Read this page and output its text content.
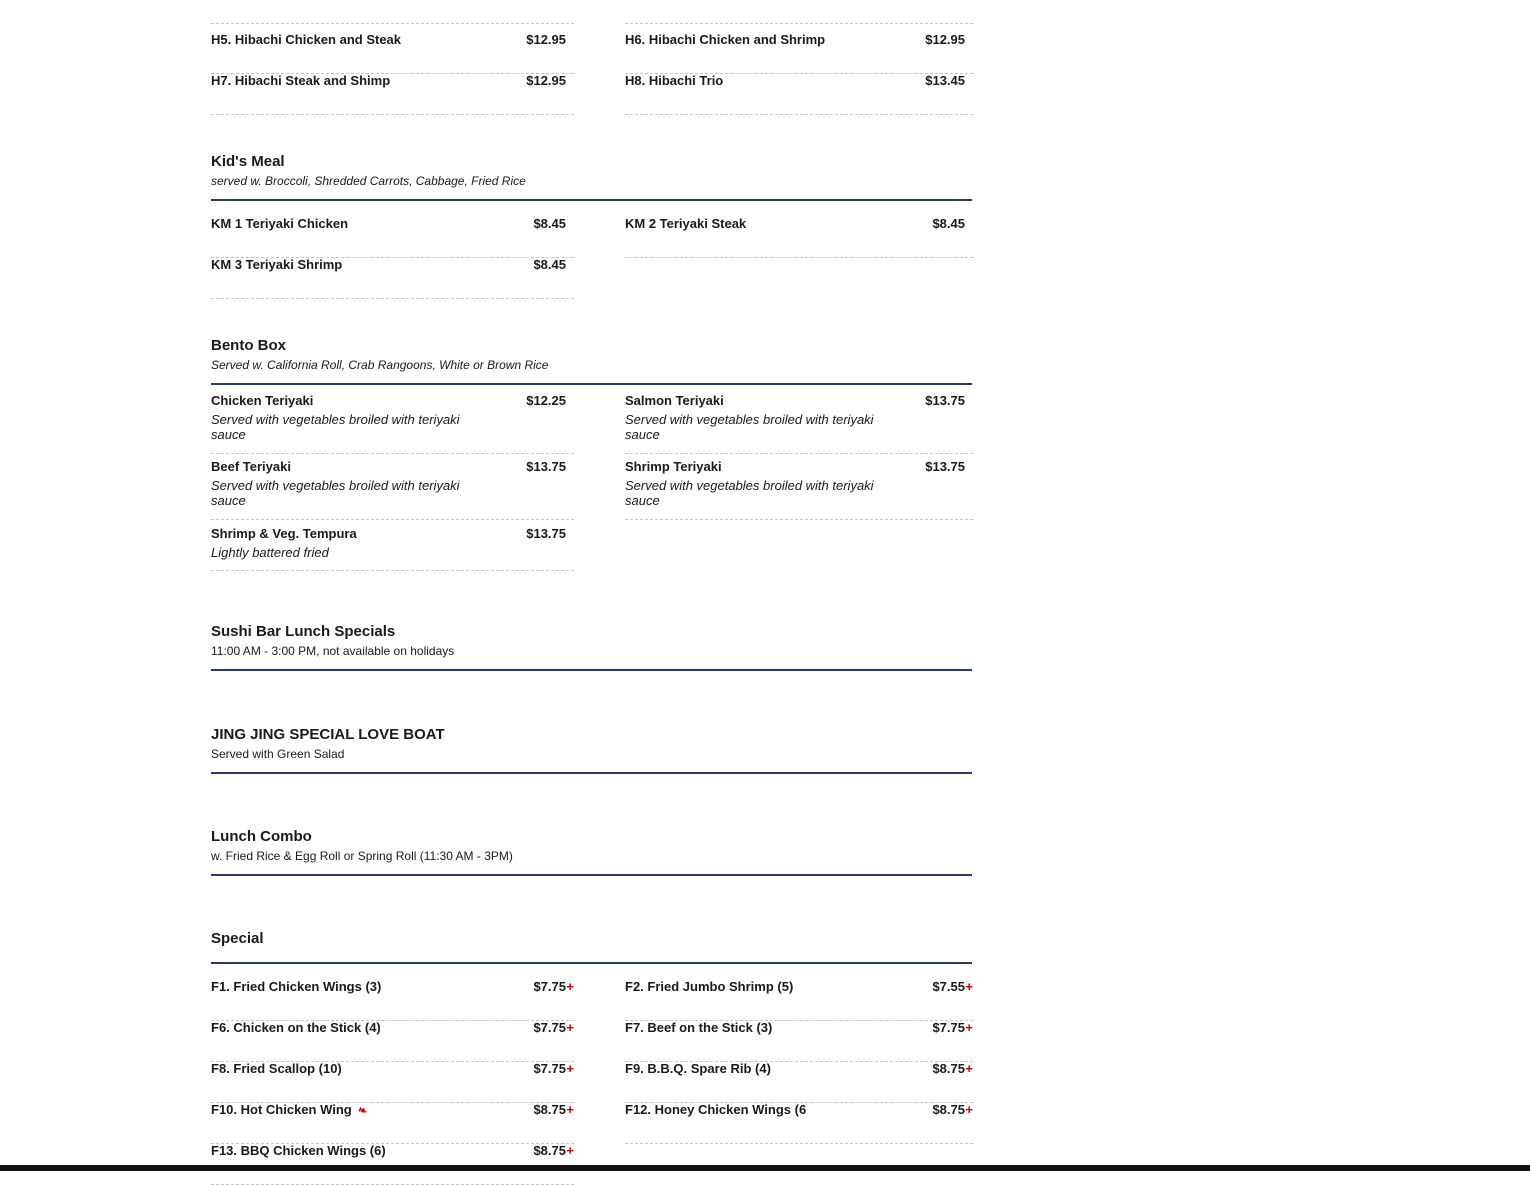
H5. Hibachi Chicken and Steak	$12.95	H6. Hibachi Chicken and Shrimp	$12.95
H7. Hibachi Steak and Shimp	$12.95	H8. Hibachi Trio	$13.45
Kid's Meal
served w. Broccoli, Shredded Carrots, Cabbage, Fried Rice
KM 1 Teriyaki Chicken	$8.45	KM 2 Teriyaki Steak	$8.45
KM 3 Teriyaki Shrimp	$8.45
Bento Box
Served w. California Roll, Crab Rangoons, White or Brown Rice
Chicken Teriyaki	$12.25
Served with vegetables broiled with teriyaki sauce
Salmon Teriyaki	$13.75
Served with vegetables broiled with teriyaki sauce
Beef Teriyaki	$13.75
Served with vegetables broiled with teriyaki sauce
Shrimp Teriyaki	$13.75
Served with vegetables broiled with teriyaki sauce
Shrimp & Veg. Tempura	$13.75
Lightly battered fried
Sushi Bar Lunch Specials
11:00 AM - 3:00 PM, not available on holidays
JING JING SPECIAL LOVE BOAT
Served with Green Salad
Lunch Combo
w. Fried Rice & Egg Roll or Spring Roll (11:30 AM - 3PM)
Special
F1. Fried Chicken Wings (3)	$7.75 +	F2. Fried Jumbo Shrimp (5)	$7.55 +
F6. Chicken on the Stick (4)	$7.75 +	F7. Beef on the Stick (3)	$7.75 +
F8. Fried Scallop (10)	$7.75 +	F9. B.B.Q. Spare Rib (4)	$8.75 +
F10. Hot Chicken Wing ❧	$8.75 +	F12. Honey Chicken Wings (6	$8.75 +
F13. BBQ Chicken Wings (6)	$8.75 +
